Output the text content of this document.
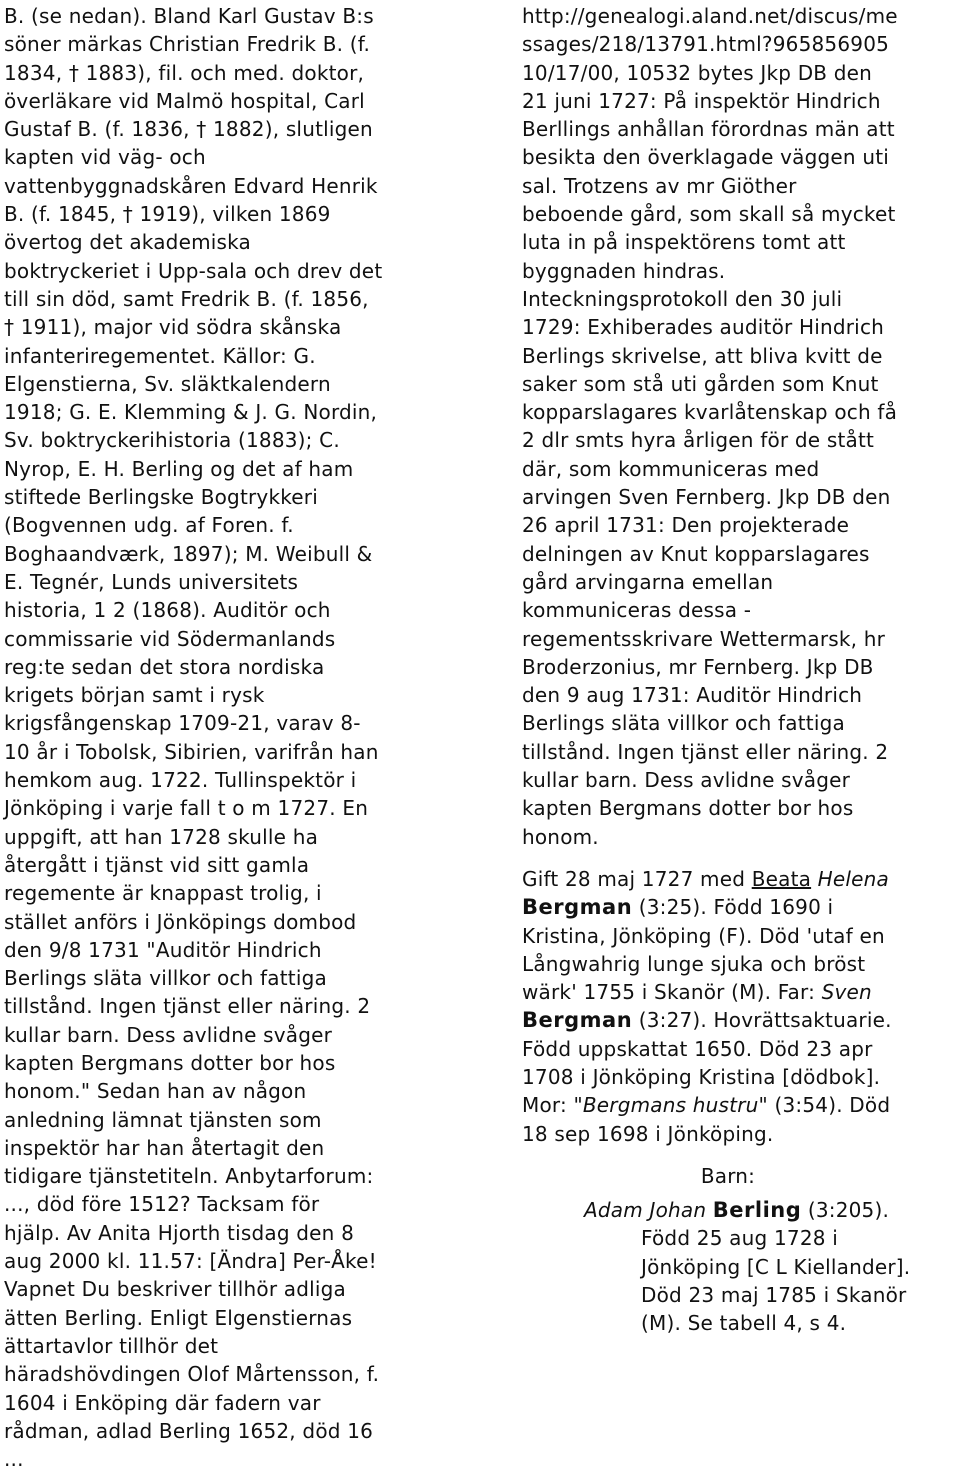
B. (se nedan). Bland Karl Gustav B:s
söner märkas Christian Fredrik B. (f.
1834, † 1883), fil. och med. doktor,
överläkare vid Malmö hospital, Carl
Gustaf B. (f. 1836, † 1882), slutligen
kapten vid väg- och
vattenbyggnadskåren Edvard Henrik
B. (f. 1845, † 1919), vilken 1869
övertog det akademiska
boktryckeriet i Upp-sala och drev det
till sin död, samt Fredrik B. (f. 1856,
† 1911), major vid södra skånska
infanteriregementet. Källor: G.
Elgenstierna, Sv. släktkalendern
1918; G. E. Klemming & J. G. Nordin,
Sv. boktryckerihistoria (1883); C.
Nyrop, E. H. Berling og det af ham
stiftede Berlingske Bogtrykkeri
(Bogvennen udg. af Foren. f.
Boghaandværk, 1897); M. Weibull &
E. Tegnér, Lunds universitets
historia, 1 2 (1868). Auditör och
commissarie vid Södermanlands
reg:te sedan det stora nordiska
krigets början samt i rysk
krigsfångenskap 1709-21, varav 8-
10 år i Tobolsk, Sibirien, varifrån han
hemkom aug. 1722. Tullinspektör i
Jönköping i varje fall t o m 1727. En
uppgift, att han 1728 skulle ha
återgått i tjänst vid sitt gamla
regemente är knappast trolig, i
stället anförs i Jönköpings dombod
den 9/8 1731 "Auditör Hindrich
Berlings släta villkor och fattiga
tillstånd. Ingen tjänst eller näring. 2
kullar barn. Dess avlidne svåger
kapten Bergmans dotter bor hos
honom." Sedan han av någon
anledning lämnat tjänsten som
inspektör har han återtagit den
tidigare tjänstetiteln. Anbytarforum:
..., död före 1512? Tacksam för
hjälp. Av Anita Hjorth tisdag den 8
aug 2000 kl. 11.57: [Ändra] Per-Åke!
Vapnet Du beskriver tillhör adliga
ätten Berling. Enligt Elgenstiernas
ättartavlor tillhör det
häradshövdingen Olof Mårtensson, f.
1604 i Enköping där fadern var
rådman, adlad Berling 1652, död 16
...
http://genealogi.aland.net/discus/me
ssages/218/13791.html?965856905
10/17/00, 10532 bytes Jkp DB den
21 juni 1727: På inspektör Hindrich
Berllings anhållan förordnas män att
besikta den överklagade väggen uti
sal. Trotzens av mr Giöther
beboende gård, som skall så mycket
luta in på inspektörens tomt att
byggnaden hindras.
Inteckningsprotokoll den 30 juli
1729: Exhiberades auditör Hindrich
Berlings skrivelse, att bliva kvitt de
saker som stå uti gården som Knut
kopparslagares kvarlåtenskap och få
2 dlr smts hyra årligen för de stått
där, som kommuniceras med
arvingen Sven Fernberg. Jkp DB den
26 april 1731: Den projekterade
delningen av Knut kopparslagares
gård arvingarna emellan
kommuniceras dessa -
regementsskrivare Wettermarsk, hr
Broderzonius, mr Fernberg. Jkp DB
den 9 aug 1731: Auditör Hindrich
Berlings släta villkor och fattiga
tillstånd. Ingen tjänst eller näring. 2
kullar barn. Dess avlidne svåger
kapten Bergmans dotter bor hos
honom.
Gift 28 maj 1727 med Beata Helena
Bergman (3:25). Född 1690 i
Kristina, Jönköping (F). Död 'utaf en
Långwahrig lunge sjuka och bröst
wärk' 1755 i Skanör (M). Far: Sven
Bergman (3:27). Hovrättsaktuarie.
Född uppskattat 1650. Död 23 apr
1708 i Jönköping Kristina [dödbok].
Mor: "Bergmans hustru" (3:54). Död
18 sep 1698 i Jönköping.
Barn:
Adam Johan Berling (3:205).
Född 25 aug 1728 i
Jönköping [C L Kiellander].
Död 23 maj 1785 i Skanör
(M). Se tabell 4, s 4.
